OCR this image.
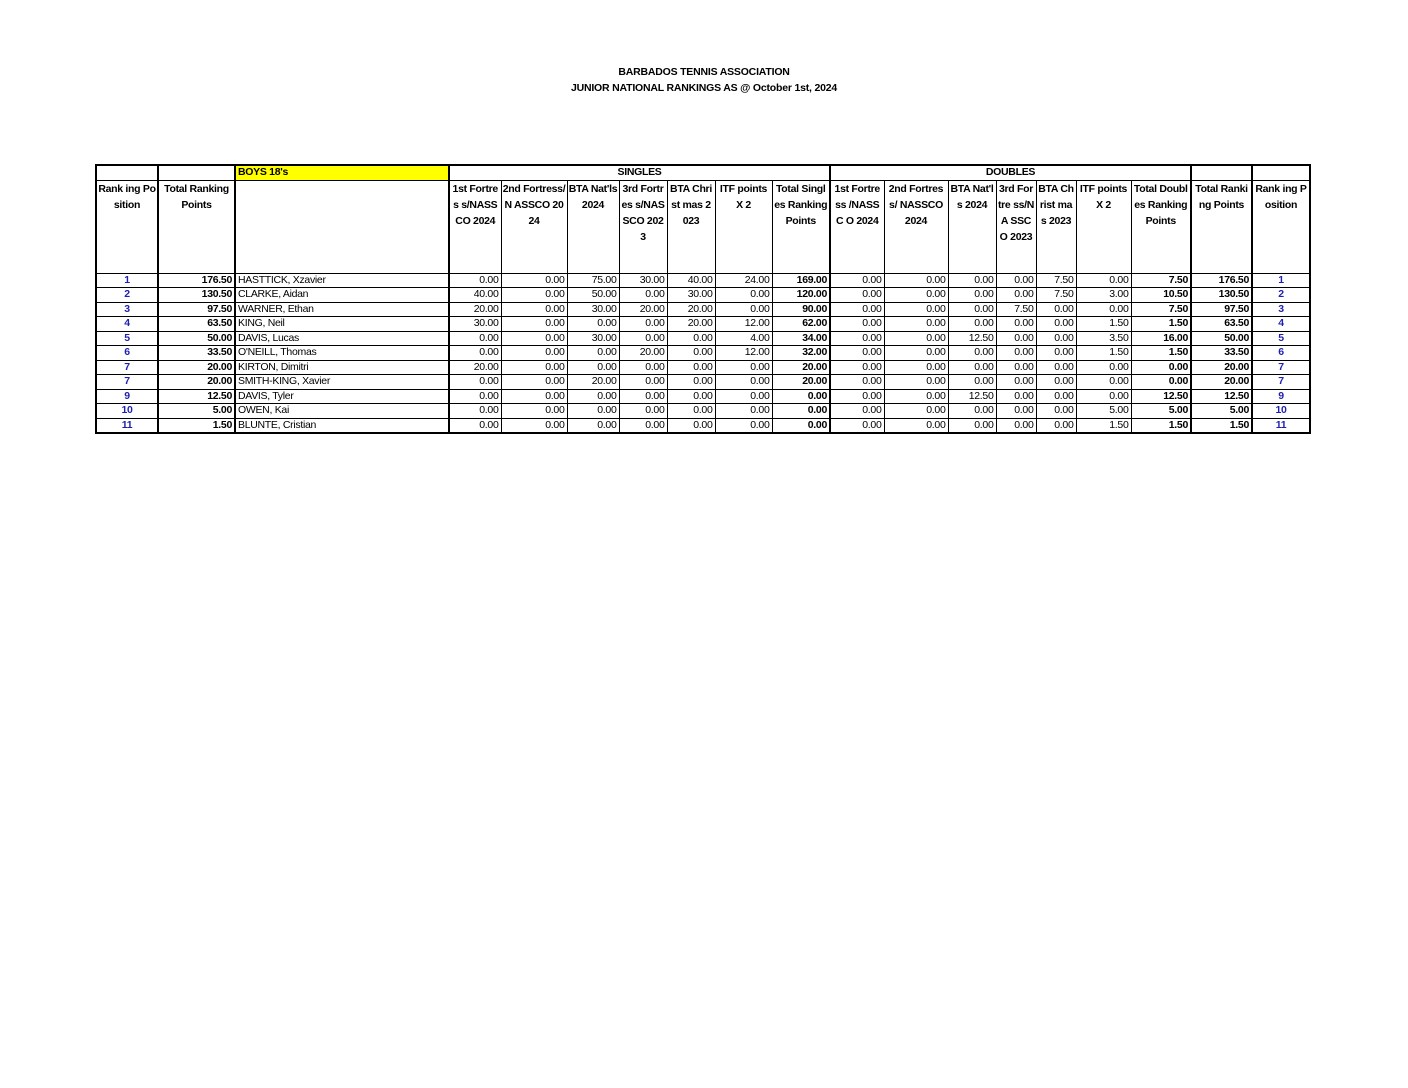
BARBADOS TENNIS ASSOCIATION
JUNIOR NATIONAL RANKINGS AS @ October 1st, 2024
		BOYS 18's	SINGLES							DOUBLES								
Rank ing Position	Total Ranking Points		1st Fortres s/NASS CO 2024	2nd Fortress/N ASSCO 2024	BTA Nat'ls 2024	3rd Fortres s/NAS SCO 2023	BTA Christ mas 2023	ITF points X 2	Total Singles Ranking Points	1st Fortress /NASSC O 2024	2nd Fortress/ NASSCO 2024	BTA Nat'ls 2024	3rd Fortre ss/NA SSCO 2023	BTA Christ mas 2023	ITF points X 2	Total Doubles Ranking Points	Total Ranking Points	Rank ing Position
1	176.50	HASTTICK, Xzavier	0.00	0.00	75.00	30.00	40.00	24.00	169.00	0.00	0.00	0.00	0.00	7.50	0.00	7.50	176.50	1
2	130.50	CLARKE, Aidan	40.00	0.00	50.00	0.00	30.00	0.00	120.00	0.00	0.00	0.00	0.00	7.50	3.00	10.50	130.50	2
3	97.50	WARNER, Ethan	20.00	0.00	30.00	20.00	20.00	0.00	90.00	0.00	0.00	0.00	7.50	0.00	0.00	7.50	97.50	3
4	63.50	KING, Neil	30.00	0.00	0.00	0.00	20.00	12.00	62.00	0.00	0.00	0.00	0.00	0.00	1.50	1.50	63.50	4
5	50.00	DAVIS, Lucas	0.00	0.00	30.00	0.00	0.00	4.00	34.00	0.00	0.00	12.50	0.00	0.00	3.50	16.00	50.00	5
6	33.50	O'NEILL, Thomas	0.00	0.00	0.00	20.00	0.00	12.00	32.00	0.00	0.00	0.00	0.00	0.00	1.50	1.50	33.50	6
7	20.00	KIRTON, Dimitri	20.00	0.00	0.00	0.00	0.00	0.00	20.00	0.00	0.00	0.00	0.00	0.00	0.00	0.00	20.00	7
7	20.00	SMITH-KING, Xavier	0.00	0.00	20.00	0.00	0.00	0.00	20.00	0.00	0.00	0.00	0.00	0.00	0.00	0.00	20.00	7
9	12.50	DAVIS, Tyler	0.00	0.00	0.00	0.00	0.00	0.00	0.00	0.00	0.00	12.50	0.00	0.00	0.00	12.50	12.50	9
10	5.00	OWEN, Kai	0.00	0.00	0.00	0.00	0.00	0.00	0.00	0.00	0.00	0.00	0.00	0.00	5.00	5.00	5.00	10
11	1.50	BLUNTE, Cristian	0.00	0.00	0.00	0.00	0.00	0.00	0.00	0.00	0.00	0.00	0.00	0.00	1.50	1.50	1.50	11
